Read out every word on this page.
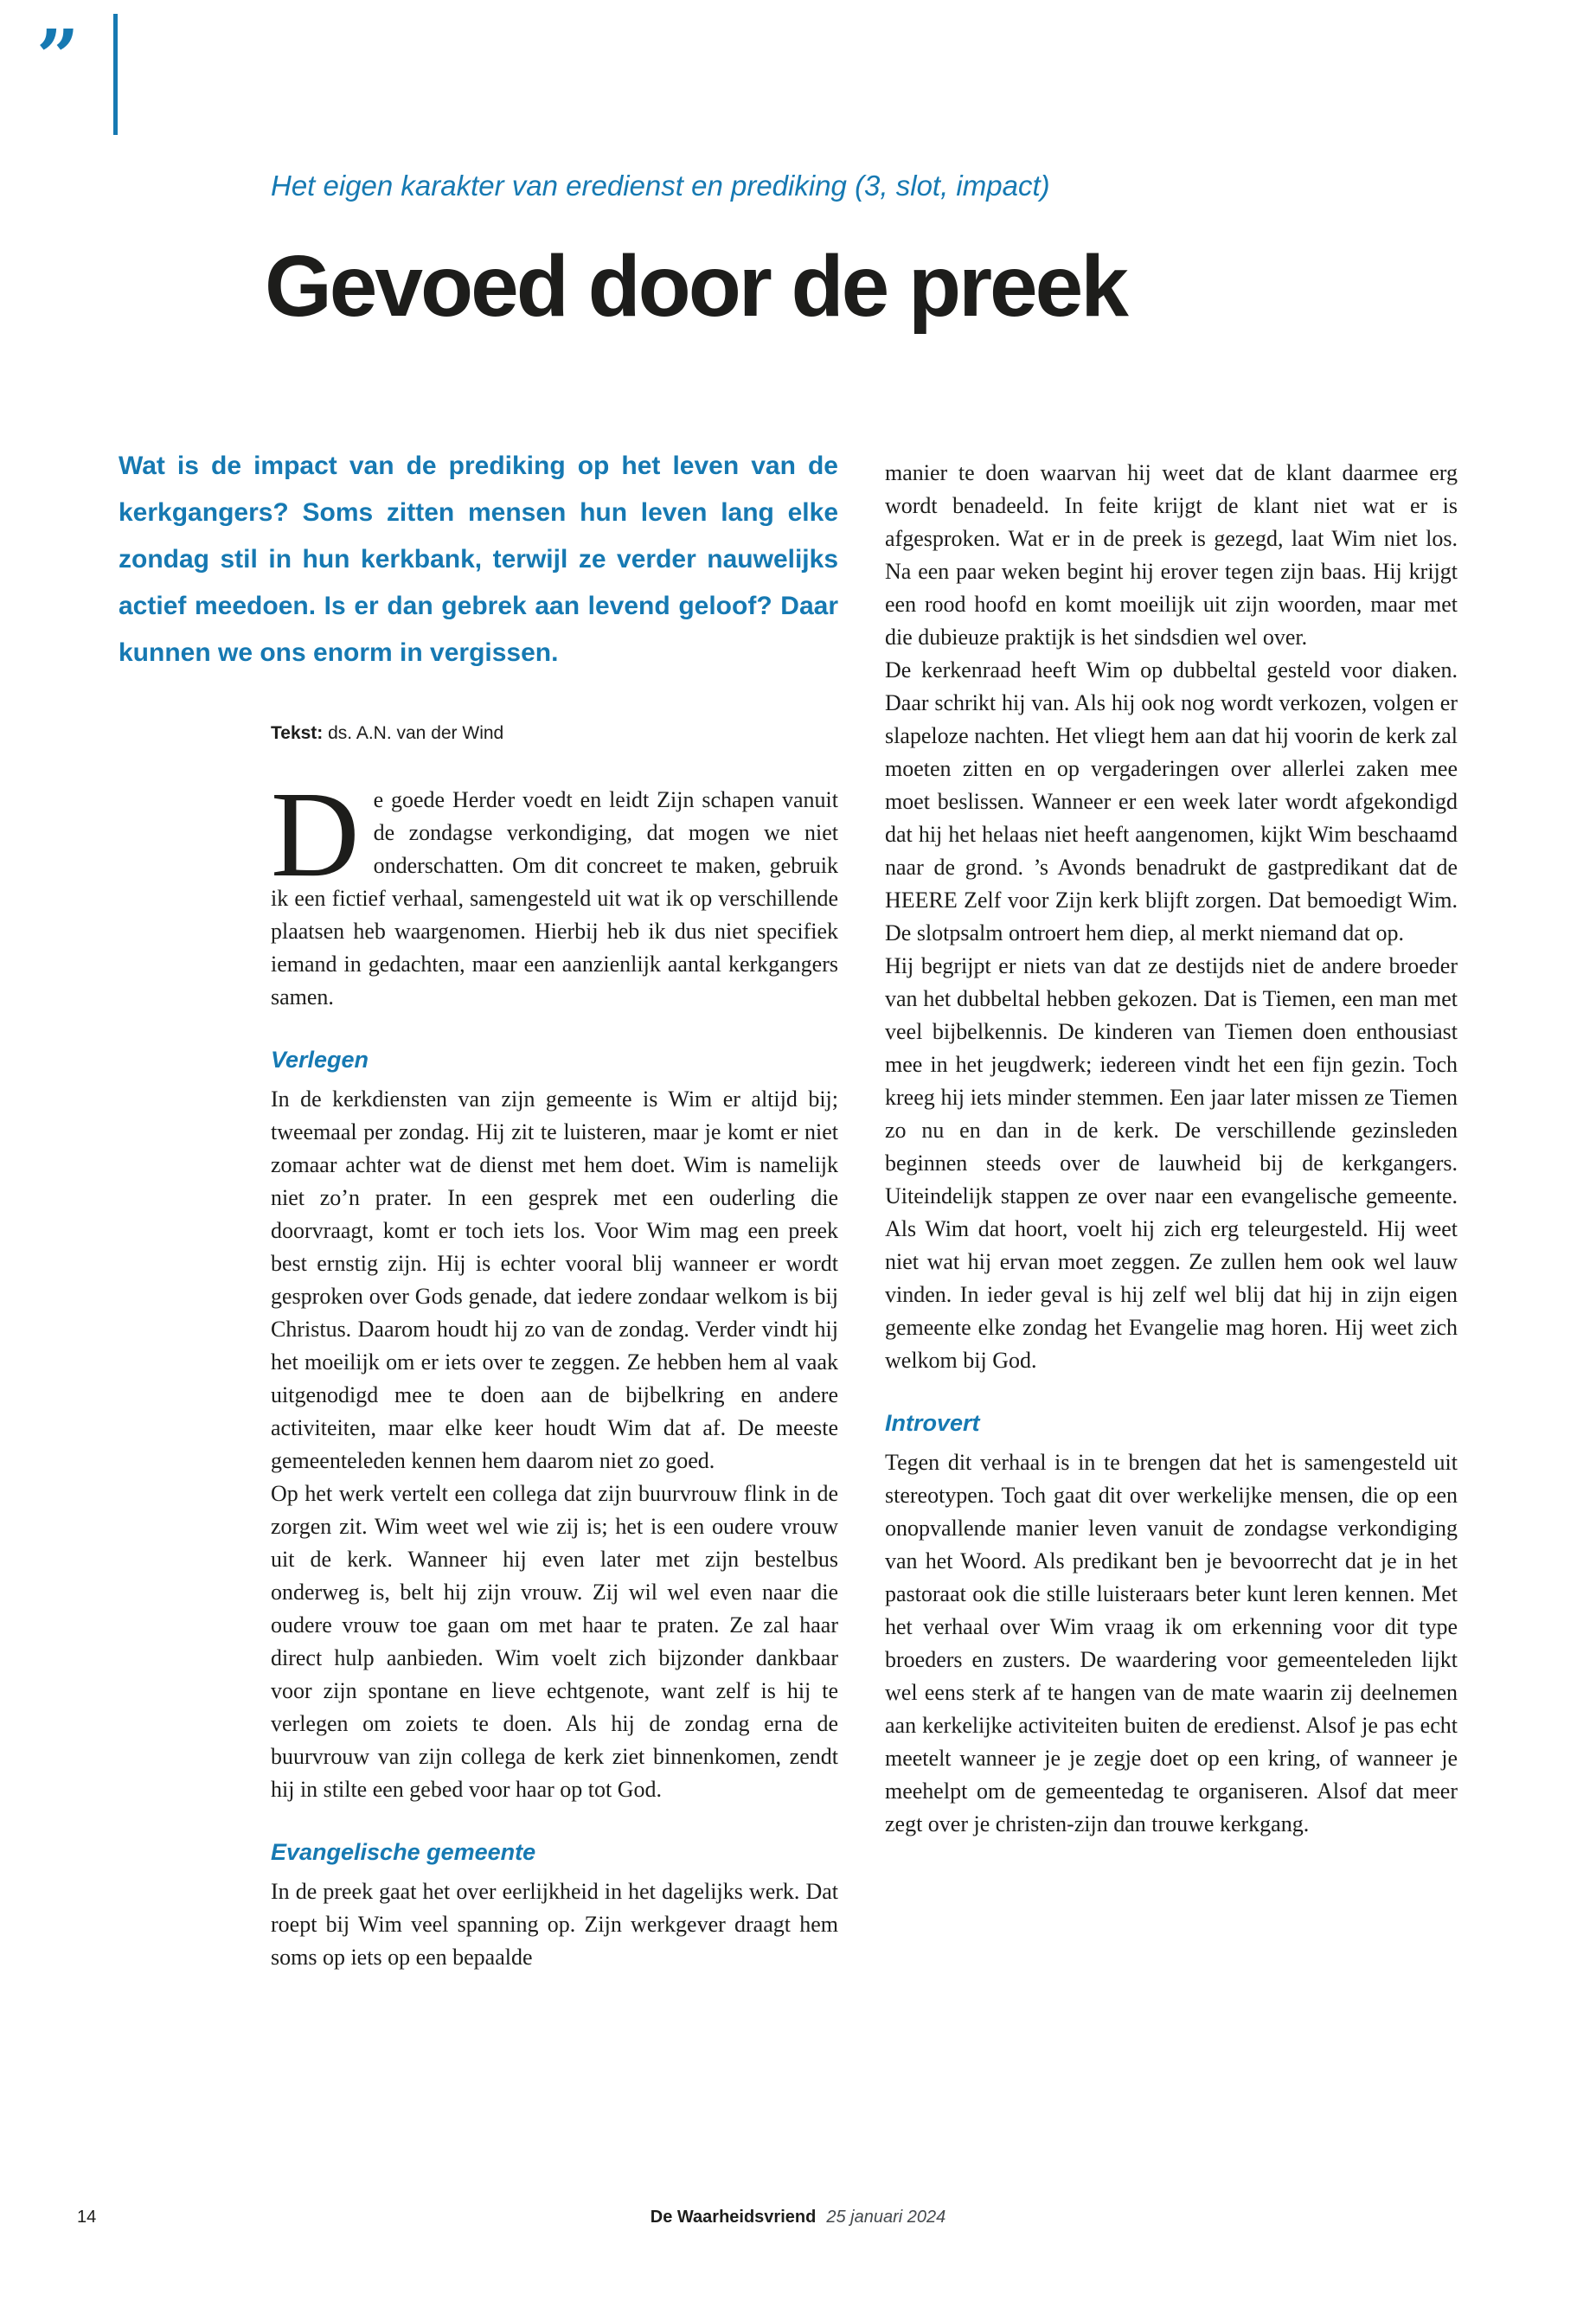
”
Het eigen karakter van eredienst en prediking (3, slot, impact)
Gevoed door de preek
Wat is de impact van de prediking op het leven van de kerkgangers? Soms zitten mensen hun leven lang elke zondag stil in hun kerkbank, terwijl ze verder nauwelijks actief meedoen. Is er dan gebrek aan levend geloof? Daar kunnen we ons enorm in vergissen.
Tekst: ds. A.N. van der Wind

De goede Herder voedt en leidt Zijn schapen vanuit de zondagse verkondiging, dat mogen we niet onderschatten. Om dit concreet te maken, gebruik ik een fictief verhaal, samengesteld uit wat ik op verschillende plaatsen heb waargenomen. Hierbij heb ik dus niet specifiek iemand in gedachten, maar een aanzienlijk aantal kerkgangers samen.

Verlegen

In de kerkdiensten van zijn gemeente is Wim er altijd bij; tweemaal per zondag. Hij zit te luisteren, maar je komt er niet zomaar achter wat de dienst met hem doet. Wim is namelijk niet zo’n prater. In een gesprek met een ouderling die doorvraagt, komt er toch iets los. Voor Wim mag een preek best ernstig zijn. Hij is echter vooral blij wanneer er wordt gesproken over Gods genade, dat iedere zondaar welkom is bij Christus. Daarom houdt hij zo van de zondag. Verder vindt hij het moeilijk om er iets over te zeggen. Ze hebben hem al vaak uitgenodigd mee te doen aan de bijbelkring en andere activiteiten, maar elke keer houdt Wim dat af. De meeste gemeenteleden kennen hem daarom niet zo goed.

Op het werk vertelt een collega dat zijn buurvrouw flink in de zorgen zit. Wim weet wel wie zij is; het is een oudere vrouw uit de kerk. Wanneer hij even later met zijn bestelbus onderweg is, belt hij zijn vrouw. Zij wil wel even naar die oudere vrouw toe gaan om met haar te praten. Ze zal haar direct hulp aanbieden. Wim voelt zich bijzonder dankbaar voor zijn spontane en lieve echtgenote, want zelf is hij te verlegen om zoiets te doen. Als hij de zondag erna de buurvrouw van zijn collega de kerk ziet binnenkomen, zendt hij in stilte een gebed voor haar op tot God.

Evangelische gemeente

In de preek gaat het over eerlijkheid in het dagelijks werk. Dat roept bij Wim veel spanning op. Zijn werkgever draagt hem soms op iets op een bepaalde

manier te doen waarvan hij weet dat de klant daarmee erg wordt benadeeld. In feite krijgt de klant niet wat er is afgesproken. Wat er in de preek is gezegd, laat Wim niet los. Na een paar weken begint hij erover tegen zijn baas. Hij krijgt een rood hoofd en komt moeilijk uit zijn woorden, maar met die dubieuze praktijk is het sindsdien wel over.

De kerkenraad heeft Wim op dubbeltal gesteld voor diaken. Daar schrikt hij van. Als hij ook nog wordt verkozen, volgen er slapeloze nachten. Het vliegt hem aan dat hij voorin de kerk zal moeten zitten en op vergaderingen over allerlei zaken mee moet beslissen. Wanneer er een week later wordt afgekondigd dat hij het helaas niet heeft aangenomen, kijkt Wim beschaamd naar de grond. ’s Avonds benadrukt de gastpredikant dat de HEERE Zelf voor Zijn kerk blijft zorgen. Dat bemoedigt Wim. De slotpsalm ontroert hem diep, al merkt niemand dat op.

Hij begrijpt er niets van dat ze destijds niet de andere broeder van het dubbeltal hebben gekozen. Dat is Tiemen, een man met veel bijbelkennis. De kinderen van Tiemen doen enthousiast mee in het jeugdwerk; iedereen vindt het een fijn gezin. Toch kreeg hij iets minder stemmen. Een jaar later missen ze Tiemen zo nu en dan in de kerk. De verschillende gezinsleden beginnen steeds over de lauwheid bij de kerkgangers. Uiteindelijk stappen ze over naar een evangelische gemeente. Als Wim dat hoort, voelt hij zich erg teleurgesteld. Hij weet niet wat hij ervan moet zeggen. Ze zullen hem ook wel lauw vinden. In ieder geval is hij zelf wel blij dat hij in zijn eigen gemeente elke zondag het Evangelie mag horen. Hij weet zich welkom bij God.

Introvert

Tegen dit verhaal is in te brengen dat het is samengesteld uit stereotypen. Toch gaat dit over werkelijke mensen, die op een onopvallende manier leven vanuit de zondagse verkondiging van het Woord. Als predikant ben je bevoorrecht dat je in het pastoraat ook die stille luisteraars beter kunt leren kennen. Met het verhaal over Wim vraag ik om erkenning voor dit type broeders en zusters. De waardering voor gemeenteleden lijkt wel eens sterk af te hangen van de mate waarin zij deelnemen aan kerkelijke activiteiten buiten de eredienst. Alsof je pas echt meetelt wanneer je je zegje doet op een kring, of wanneer je meehelpt om de gemeentedag te organiseren. Alsof dat meer zegt over je christen-zijn dan trouwe kerkgang.

14	De Waarheidsvriend 25 januari 2024
